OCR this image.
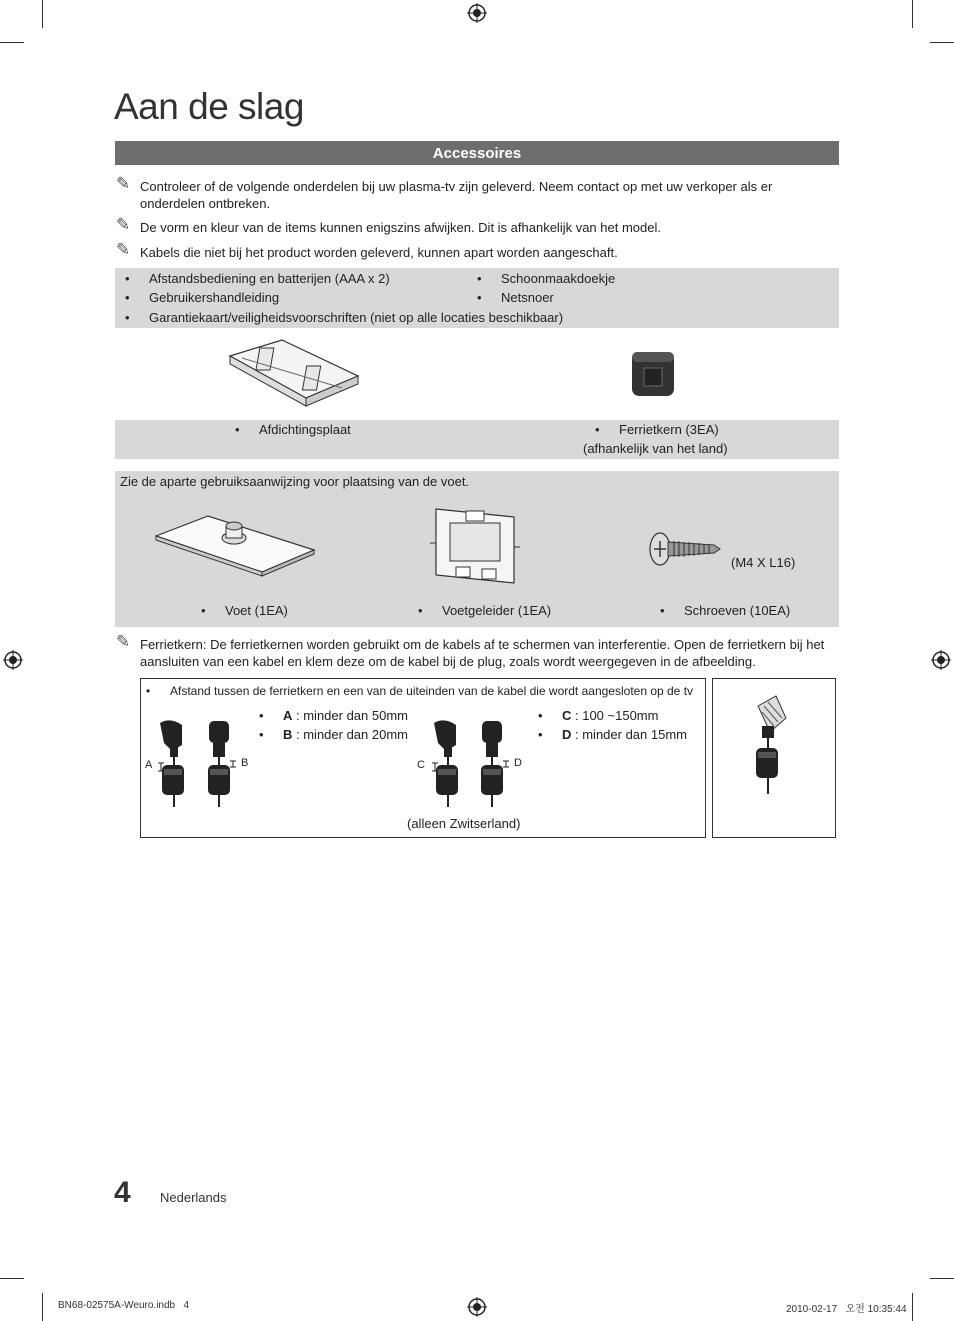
Aan de slag
Accessoires
✎ Controleer of de volgende onderdelen bij uw plasma-tv zijn geleverd. Neem contact op met uw verkoper als er onderdelen ontbreken.
✎ De vorm en kleur van de items kunnen enigszins afwijken. Dit is afhankelijk van het model.
✎ Kabels die niet bij het product worden geleverd, kunnen apart worden aangeschaft.
• Afstandsbediening en batterijen (AAA x 2)
• Gebruikershandleiding
• Garantiekaart/veiligheidsvoorschriften (niet op alle locaties beschikbaar)
• Schoonmaakdoekje
• Netsnoer
• Afdichtingsplaat	• Ferrietkern (3EA)
(afhankelijk van het land)
Zie de aparte gebruiksaanwijzing voor plaatsing van de voet.
• Voet (1EA)	• Voetgeleider (1EA)	• Schroeven (10EA)
(M4 X L16)
✎ Ferrietkern: De ferrietkernen worden gebruikt om de kabels af te schermen van interferentie. Open de ferrietkern bij het aansluiten van een kabel en klem deze om de kabel bij de plug, zoals wordt weergegeven in de afbeelding.
• Afstand tussen de ferrietkern en een van de uiteinden van de kabel die wordt aangesloten op de tv
• A : minder dan 50mm
• B : minder dan 20mm
• C : 100 ~150mm
• D : minder dan 15mm
(alleen Zwitserland)
A	B	C	D
4 Nederlands
BN68-02575A-Weuro.indb   4	2010-02-17   오전 10:35:44
